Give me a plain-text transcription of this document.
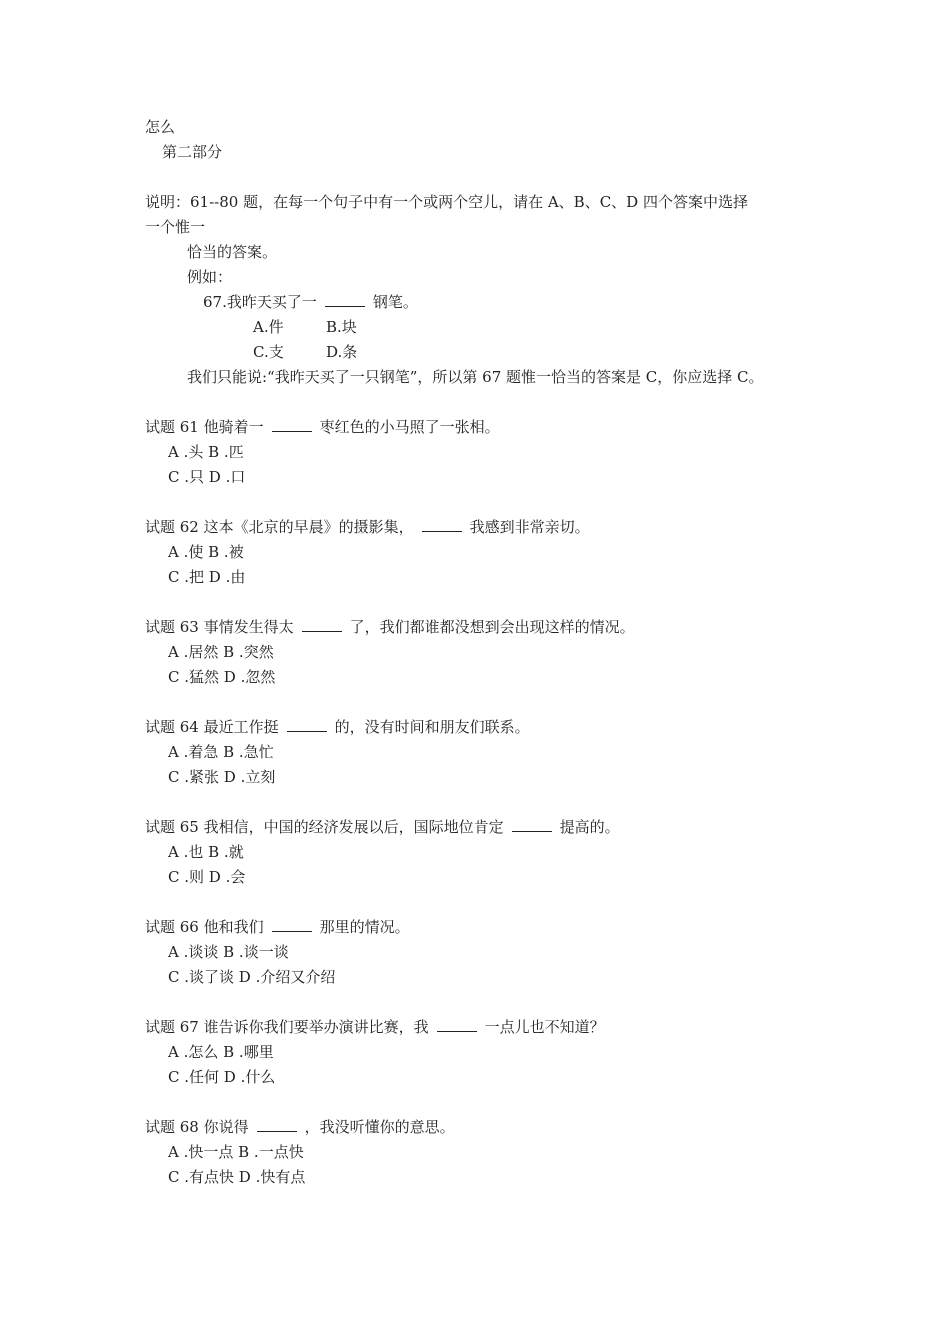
怎么
第二部分
说明：61--80 题，在每一个句子中有一个或两个空儿，请在 A、B、C、D 四个答案中选择
一个惟一
恰当的答案。
例如：
67.我昨天买了一	钢笔。
A.件	B.块
C.支	D.条
我们只能说:“我昨天买了一只钢笔”，所以第 67 题惟一恰当的答案是 C，你应选择 C。
试题 61 他骑着一	枣红色的小马照了一张相。
A .头 B .匹
C .只 D .口
试题 62 这本《北京的早晨》的摄影集，	我感到非常亲切。
A .使 B .被
C .把 D .由
试题 63 事情发生得太	了，我们都谁都没想到会出现这样的情况。
A .居然 B .突然
C .猛然 D .忽然
试题 64 最近工作挺	的，没有时间和朋友们联系。
A .着急 B .急忙
C .紧张 D .立刻
试题 65 我相信，中国的经济发展以后，国际地位肯定	提高的。
A .也 B .就
C .则 D .会
试题 66 他和我们	那里的情况。
A .谈谈 B .谈一谈
C .谈了谈 D .介绍又介绍
试题 67 谁告诉你我们要举办演讲比赛，我	一点儿也不知道？
A .怎么 B .哪里
C .任何 D .什么
试题 68 你说得	，我没听懂你的意思。
A .快一点 B .一点快
C .有点快 D .快有点
